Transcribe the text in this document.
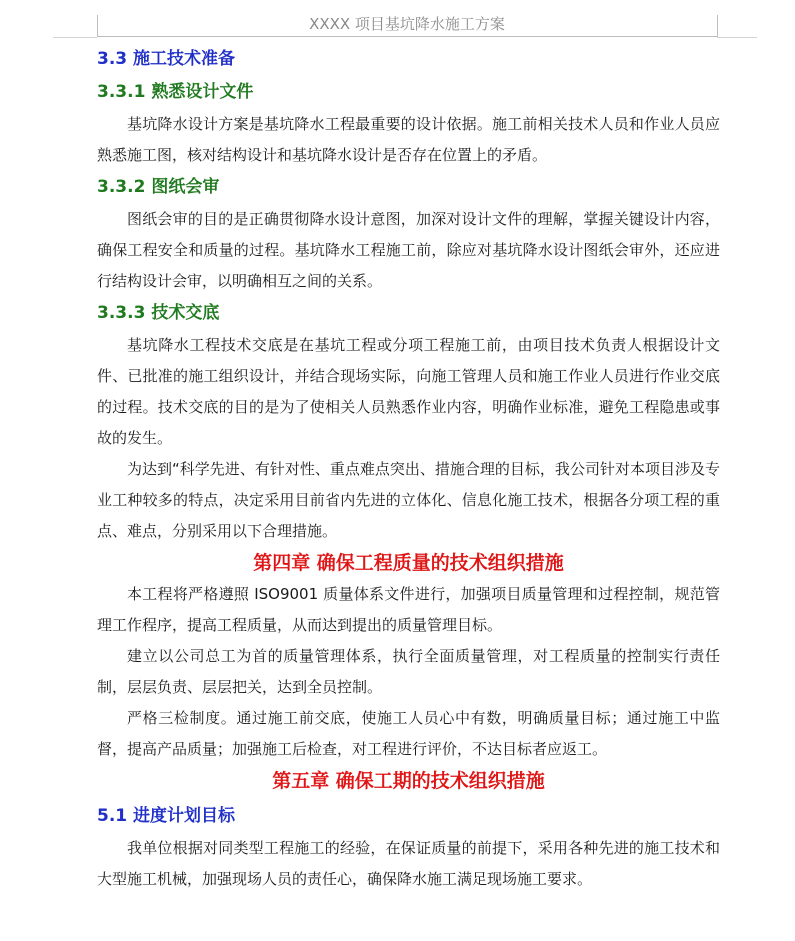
XXXX 项目基坑降水施工方案
3.3 施工技术准备
3.3.1 熟悉设计文件

基坑降水设计方案是基坑降水工程最重要的设计依据。施工前相关技术人员和作业人员应熟悉施工图，核对结构设计和基坑降水设计是否存在位置上的矛盾。

3.3.2 图纸会审

图纸会审的目的是正确贯彻降水设计意图，加深对设计文件的理解，掌握关键设计内容，确保工程安全和质量的过程。基坑降水工程施工前，除应对基坑降水设计图纸会审外，还应进行结构设计会审，以明确相互之间的关系。

3.3.3 技术交底

基坑降水工程技术交底是在基坑工程或分项工程施工前，由项目技术负责人根据设计文件、已批准的施工组织设计，并结合现场实际，向施工管理人员和施工作业人员进行作业交底的过程。技术交底的目的是为了使相关人员熟悉作业内容，明确作业标准，避免工程隐患或事故的发生。

为达到“科学先进、有针对性、重点难点突出、措施合理的目标，我公司针对本项目涉及专业工种较多的特点，决定采用目前省内先进的立体化、信息化施工技术，根据各分项工程的重点、难点，分别采用以下合理措施。

第四章 确保工程质量的技术组织措施

本工程将严格遵照 ISO9001 质量体系文件进行，加强项目质量管理和过程控制，规范管理工作程序，提高工程质量，从而达到提出的质量管理目标。

建立以公司总工为首的质量管理体系，执行全面质量管理，对工程质量的控制实行责任制，层层负责、层层把关，达到全员控制。

严格三检制度。通过施工前交底，使施工人员心中有数，明确质量目标；通过施工中监督，提高产品质量；加强施工后检查，对工程进行评价，不达目标者应返工。

第五章 确保工期的技术组织措施
5.1 进度计划目标

我单位根据对同类型工程施工的经验，在保证质量的前提下，采用各种先进的施工技术和大型施工机械，加强现场人员的责任心，确保降水施工满足现场施工要求。
